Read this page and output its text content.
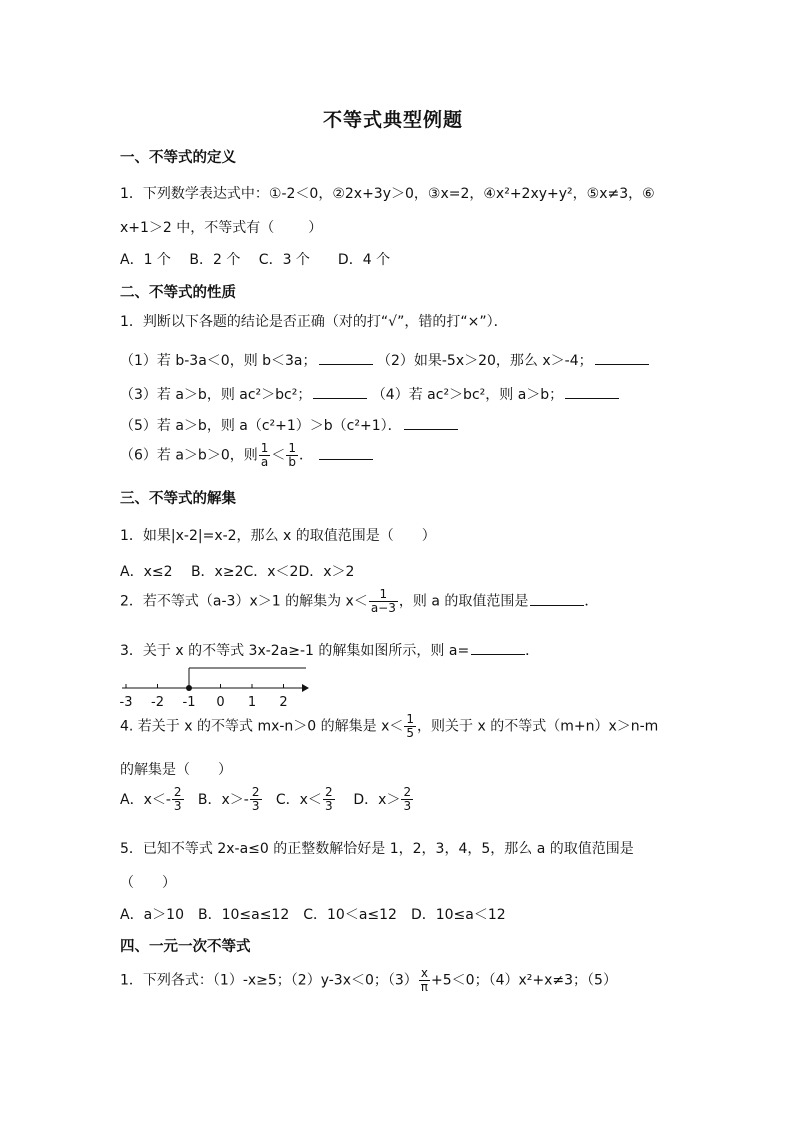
不等式典型例题
一、不等式的定义
1．下列数学表达式中：①-2＜0，②2x+3y＞0，③x=2，④x²+2xy+y²，⑤x≠3，⑥
x+1＞2 中，不等式有（ ）
A．1 个　 B．2 个　 C．3 个　　D．4 个
二、不等式的性质
1．判断以下各题的结论是否正确（对的打“√”，错的打“×”）．
（1）若 b-3a＜0，则 b＜3a；	（2）如果-5x＞20，那么 x＞-4；
（3）若 a＞b，则 ac²＞bc²；	（4）若 ac²＞bc²，则 a＞b；
（5）若 a＞b，则 a（c²+1）＞b（c²+1）．
（6）若 a＞b＞0，则 $\frac{1}{a} < \frac{1}{b}$ ．
三、不等式的解集
1．如果|x-2|=x-2，那么 x 的取值范围是（　　）
A．x≤2　 B．x≥2C．x＜2D．x＞2
2．若不等式（a-3）x＞1 的解集为 $x< \frac{1}{a-3}$ ，则 a 的取值范围是	．
3．关于 x 的不等式 3x-2a≥-1 的解集如图所示，则 a=	．
-3 -2 -1 0 1 2
4. 若关于 x 的不等式 mx-n＞0 的解集是 $x< \frac{1}{5}$ ，则关于 x 的不等式（m+n）x＞n-m
的解集是（　　）
A．$x<- \frac{2}{3}$ B．$x>- \frac{2}{3}$ C．$x< \frac{2}{3}$ D．$x> \frac{2}{3}$
5．已知不等式 2x-a≤0 的正整数解恰好是 1，2，3，4，5，那么 a 的取值范围是
（　　）
A．a＞10　B．10≤a≤12　C．10＜a≤12　D．10≤a＜12
四、一元一次不等式
1．下列各式：（1）-x≥5；（2）y-3x＜0；$(3) \frac{x}{\pi} +5<0$；（4）x²+x≠3；（5）
